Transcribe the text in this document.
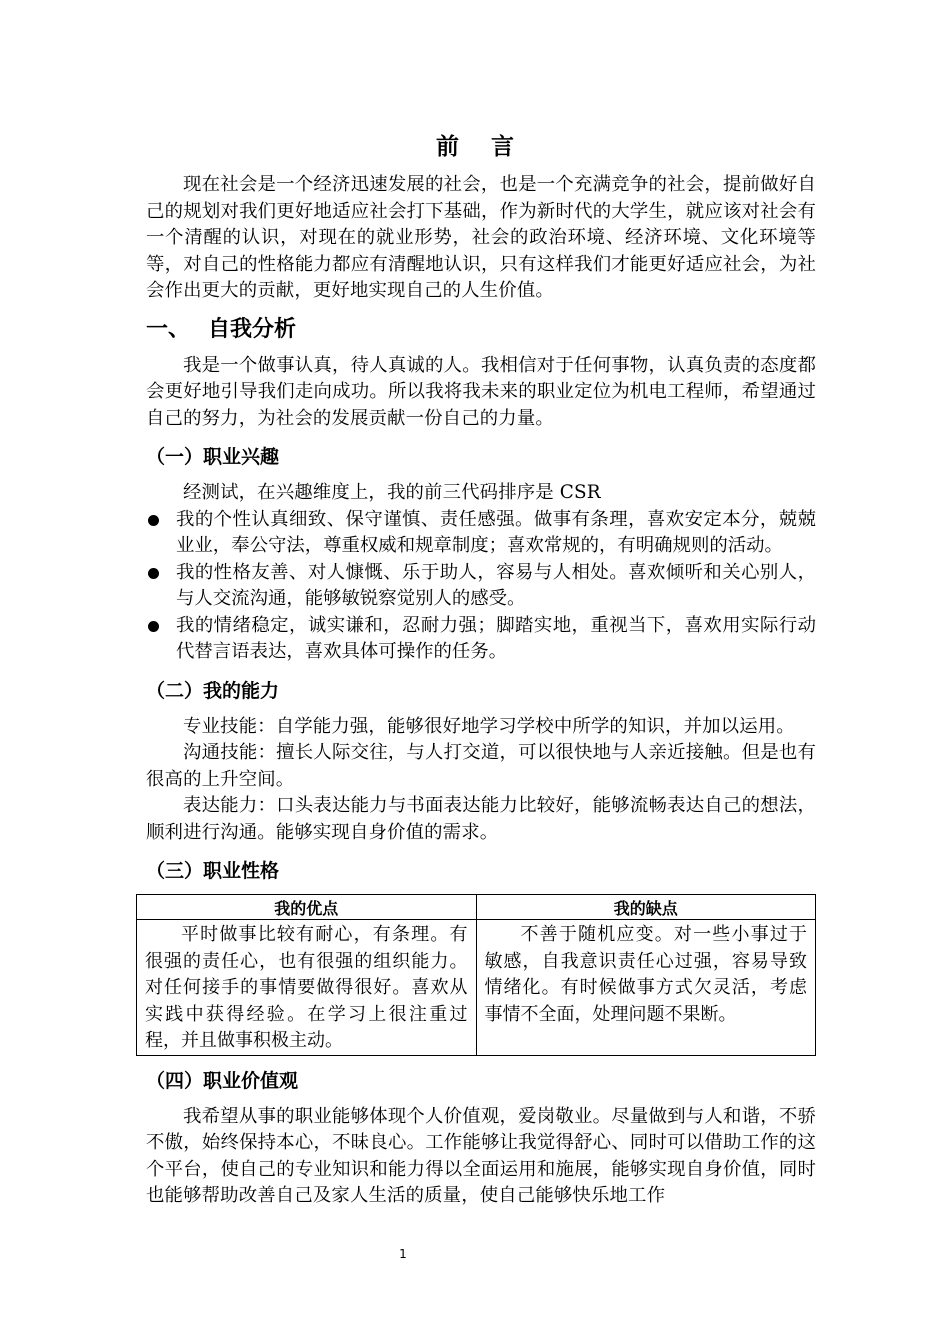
前 言

现在社会是一个经济迅速发展的社会，也是一个充满竞争的社会，提前做好自己的规划对我们更好地适应社会打下基础，作为新时代的大学生，就应该对社会有一个清醒的认识，对现在的就业形势，社会的政治环境、经济环境、文化环境等等，对自己的性格能力都应有清醒地认识，只有这样我们才能更好适应社会，为社会作出更大的贡献，更好地实现自己的人生价值。

一、 自我分析

我是一个做事认真，待人真诚的人。我相信对于任何事物，认真负责的态度都会更好地引导我们走向成功。所以我将我未来的职业定位为机电工程师，希望通过自己的努力，为社会的发展贡献一份自己的力量。

（一）职业兴趣

经测试，在兴趣维度上，我的前三代码排序是 CSR

我的个性认真细致、保守谨慎、责任感强。做事有条理，喜欢安定本分，兢兢业业，奉公守法，尊重权威和规章制度；喜欢常规的，有明确规则的活动。
我的性格友善、对人慷慨、乐于助人，容易与人相处。喜欢倾听和关心别人，与人交流沟通，能够敏锐察觉别人的感受。
我的情绪稳定，诚实谦和，忍耐力强；脚踏实地，重视当下，喜欢用实际行动代替言语表达，喜欢具体可操作的任务。
（二）我的能力

专业技能：自学能力强，能够很好地学习学校中所学的知识，并加以运用。

沟通技能：擅长人际交往，与人打交道，可以很快地与人亲近接触。但是也有很高的上升空间。

表达能力：口头表达能力与书面表达能力比较好，能够流畅表达自己的想法，顺利进行沟通。能够实现自身价值的需求。

（三）职业性格
我的优点	我的缺点
平时做事比较有耐心，有条理。有很强的责任心，也有很强的组织能力。对任何接手的事情要做得很好。喜欢从实践中获得经验。在学习上很注重过程，并且做事积极主动。	不善于随机应变。对一些小事过于敏感，自我意识责任心过强，容易导致情绪化。有时候做事方式欠灵活，考虑事情不全面，处理问题不果断。
（四）职业价值观

我希望从事的职业能够体现个人价值观，爱岗敬业。尽量做到与人和谐，不骄不傲，始终保持本心，不昧良心。工作能够让我觉得舒心、同时可以借助工作的这个平台，使自己的专业知识和能力得以全面运用和施展，能够实现自身价值，同时也能够帮助改善自己及家人生活的质量，使自己能够快乐地工作

1
